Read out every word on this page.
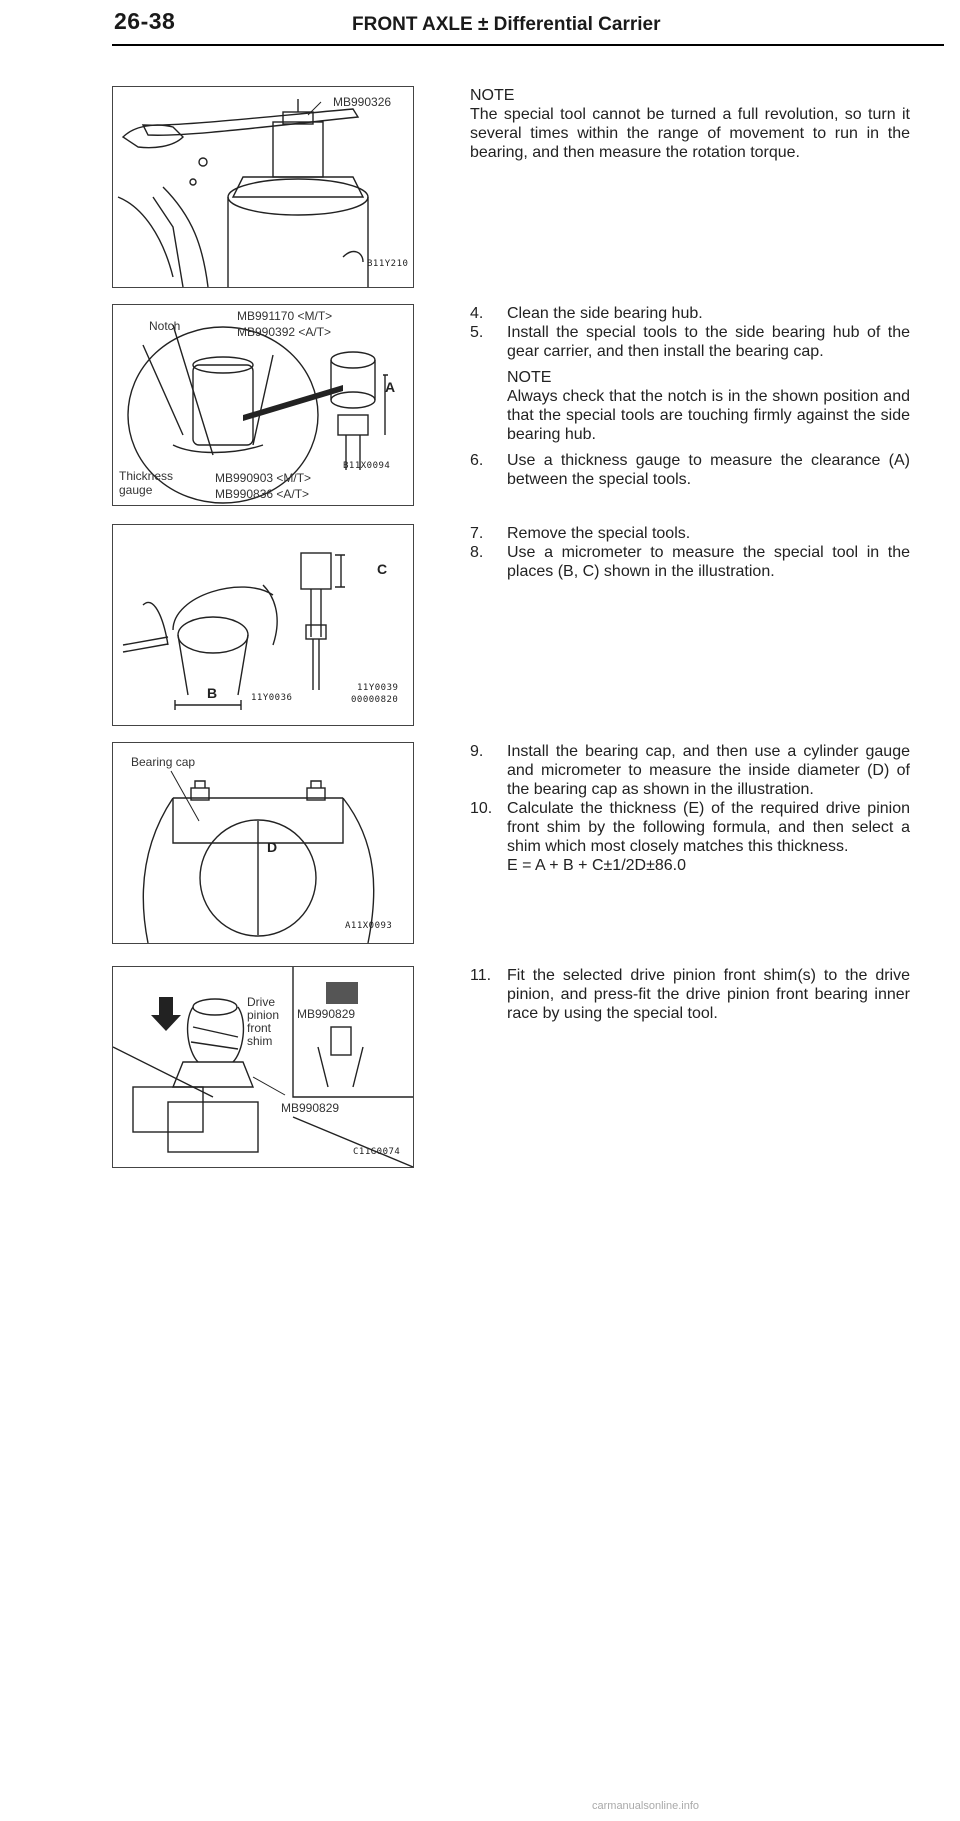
26-38	FRONT AXLE ± Differential Carrier
MB990326
B11Y210
Notch
MB991170 <M/T>
MB990392 <A/T>
A
B11X0094
Thickness
gauge
MB990903 <M/T>
MB990836 <A/T>
C
B	11Y0036
11Y0039
00000820
Bearing cap
D
A11X0093
Drive
pinion
front
shim
MB990829
MB990829
C11G0074

NOTE

The special tool cannot be turned a full revolution, so turn it several times within the range of movement to run in the bearing, and then measure the rotation torque.

4. Clean the side bearing hub.
5. Install the special tools to the side bearing hub of the gear carrier, and then install the bearing cap.

NOTE

Always check that the notch is in the shown position and that the special tools are touching firmly against the side bearing hub.

6. Use a thickness gauge to measure the clearance (A) between the special tools.
7. Remove the special tools.
8. Use a micrometer to measure the special tool in the places (B, C) shown in the illustration.
9. Install the bearing cap, and then use a cylinder gauge and micrometer to measure the inside diameter (D) of the bearing cap as shown in the illustration.
10. Calculate the thickness (E) of the required drive pinion front shim by the following formula, and then select a shim which most closely matches this thickness.

E = A + B + C±1/2D±86.0

11. Fit the selected drive pinion front shim(s) to the drive pinion, and press-fit the drive pinion front bearing inner race by using the special tool.
carmanualsonline.info
